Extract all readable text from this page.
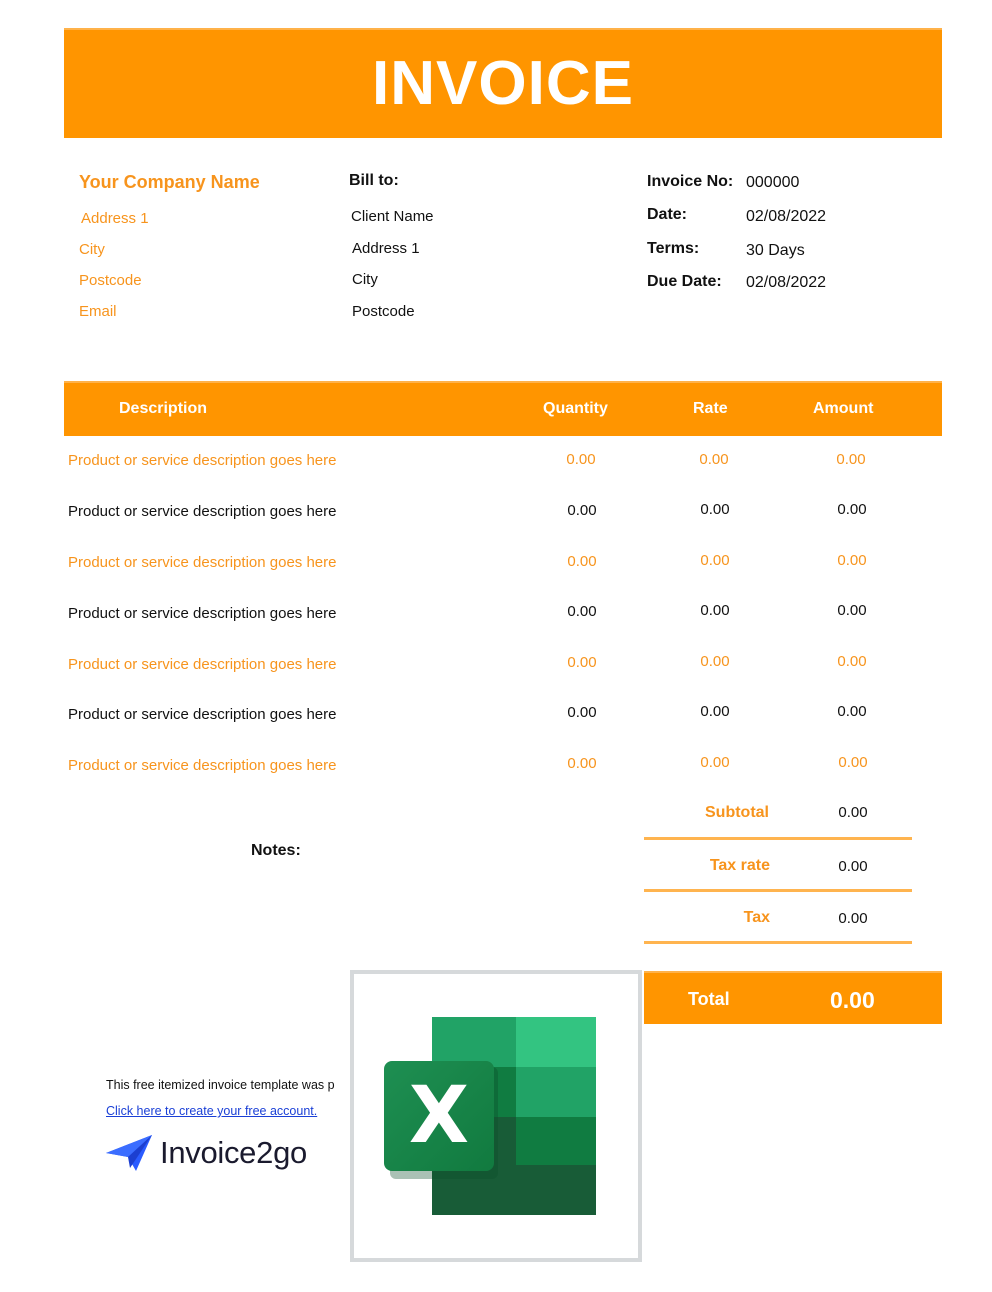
INVOICE
Your Company Name
Address 1
City
Postcode
Email
Bill to:
Client Name
Address 1
City
Postcode
Invoice No: 000000
Date:	02/08/2022
Terms:	30 Days
Due Date: 02/08/2022
Description	Quantity	Rate	Amount
Product or service description goes here	0.00	0.00	0.00
Product or service description goes here	0.00	0.00	0.00
Product or service description goes here	0.00	0.00	0.00
Product or service description goes here	0.00	0.00	0.00
Product or service description goes here	0.00	0.00	0.00
Product or service description goes here	0.00	0.00	0.00
Product or service description goes here	0.00	0.00	0.00
Notes:
Subtotal	0.00
Tax rate	0.00
Tax	0.00
Total	0.00
This free itemized invoice template was p
Click here to create your free account.
Invoice2go	X
